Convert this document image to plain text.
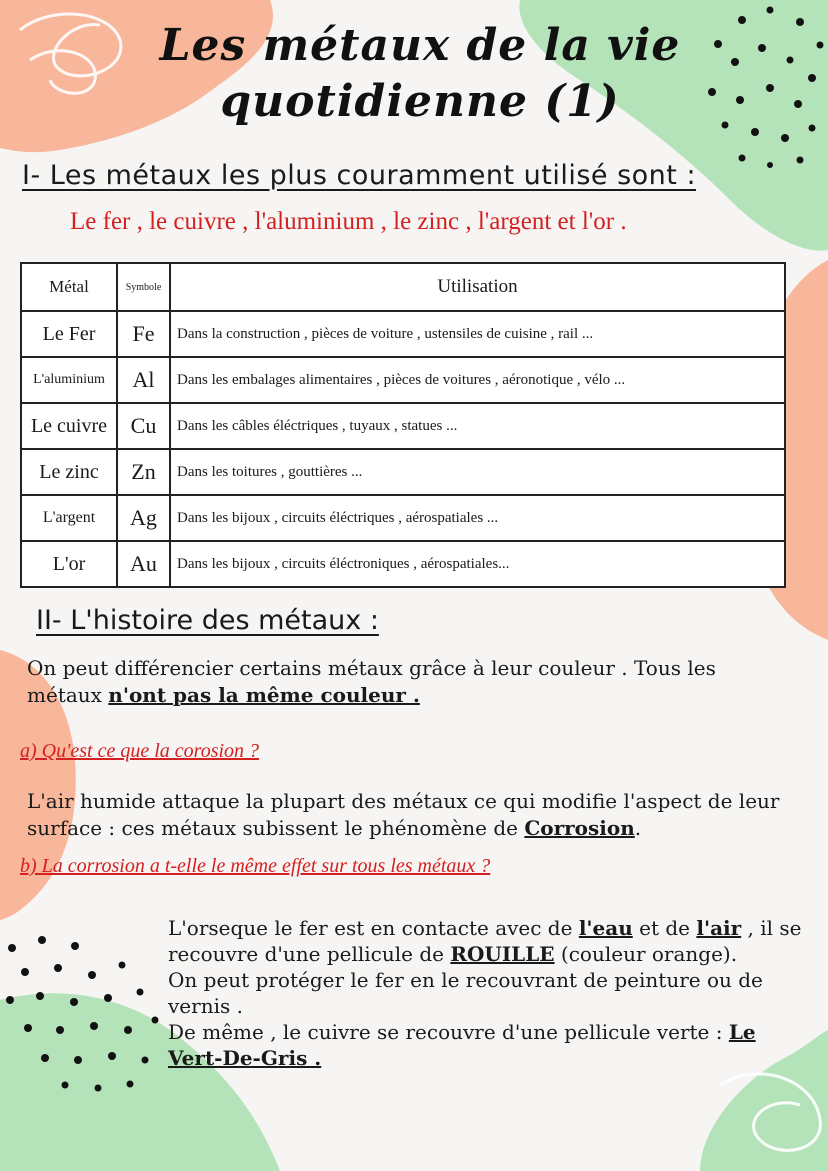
Les métaux de la vie quotidienne (1)
I- Les métaux les plus couramment utilisé sont :
Le fer , le cuivre , l'aluminium , le zinc , l'argent et l'or .
Métal	Symbole	Utilisation
Le Fer	Fe	Dans la construction , pièces de voiture , ustensiles de cuisine , rail ...
L'aluminium	Al	Dans les embalages alimentaires , pièces de voitures , aéronotique , vélo ...
Le cuivre	Cu	Dans les câbles éléctriques , tuyaux , statues ...
Le zinc	Zn	Dans les toitures , gouttières ...
L'argent	Ag	Dans les bijoux , circuits éléctriques , aérospatiales ...
L'or	Au	Dans les bijoux , circuits éléctroniques , aérospatiales...
II- L'histoire des métaux :
On peut différencier certains métaux grâce à leur couleur . Tous les métaux n'ont pas la même couleur .
a) Qu'est ce que la corosion ?
L'air humide attaque la plupart des métaux ce qui modifie l'aspect de leur surface : ces métaux subissent le phénomène de Corrosion.
b) La corrosion a t-elle le même effet sur tous les métaux ?
L'orseque le fer est en contacte avec de l'eau et de l'air , il se recouvre d'une pellicule de ROUILLE (couleur orange).
On peut protéger le fer en le recouvrant de peinture ou de vernis .
De même , le cuivre se recouvre d'une pellicule verte : Le Vert-De-Gris .
